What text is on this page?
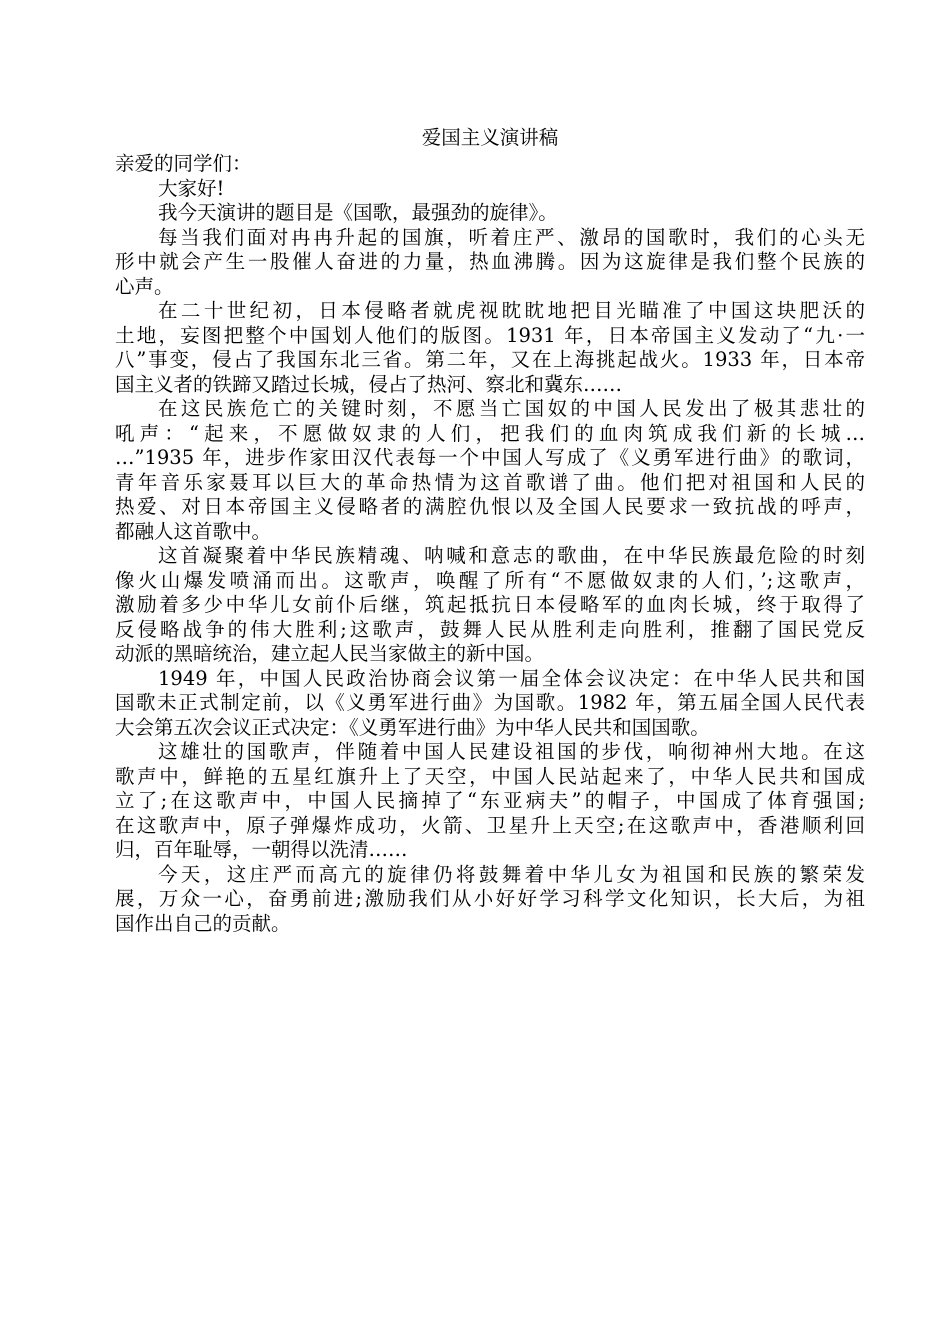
爱国主义演讲稿
亲爱的同学们：
大家好!
我今天演讲的题目是《国歌，最强劲的旋律》。
每当我们面对冉冉升起的国旗，听着庄严、激昂的国歌时，我们的心头无
形中就会产生一股催人奋进的力量，热血沸腾。因为这旋律是我们整个民族的
心声。
在二十世纪初，日本侵略者就虎视眈眈地把目光瞄准了中国这块肥沃的
土地，妄图把整个中国划人他们的版图。1931 年，日本帝国主义发动了“九·一
八”事变，侵占了我国东北三省。第二年，又在上海挑起战火。1933 年，日本帝
国主义者的铁蹄又踏过长城，侵占了热河、察北和冀东……
在这民族危亡的关键时刻，不愿当亡国奴的中国人民发出了极其悲壮的
吼声：“起来，不愿做奴隶的人们，把我们的血肉筑成我们新的长城…
…”1935 年，进步作家田汉代表每一个中国人写成了《义勇军进行曲》的歌词，
青年音乐家聂耳以巨大的革命热情为这首歌谱了曲。他们把对祖国和人民的
热爱、对日本帝国主义侵略者的满腔仇恨以及全国人民要求一致抗战的呼声，
都融人这首歌中。
这首凝聚着中华民族精魂、呐喊和意志的歌曲，在中华民族最危险的时刻
像火山爆发喷涌而出。这歌声，唤醒了所有“不愿做奴隶的人们，’;这歌声，
激励着多少中华儿女前仆后继，筑起抵抗日本侵略军的血肉长城，终于取得了
反侵略战争的伟大胜利;这歌声，鼓舞人民从胜利走向胜利，推翻了国民党反
动派的黑暗统治，建立起人民当家做主的新中国。
1949 年，中国人民政治协商会议第一届全体会议决定：在中华人民共和国
国歌未正式制定前，以《义勇军进行曲》为国歌。1982 年，第五届全国人民代表
大会第五次会议正式决定：《义勇军进行曲》为中华人民共和国国歌。
这雄壮的国歌声，伴随着中国人民建设祖国的步伐，响彻神州大地。在这
歌声中，鲜艳的五星红旗升上了天空，中国人民站起来了，中华人民共和国成
立了;在这歌声中，中国人民摘掉了“东亚病夫”的帽子，中国成了体育强国;
在这歌声中，原子弹爆炸成功，火箭、卫星升上天空;在这歌声中，香港顺利回
归，百年耻辱，一朝得以洗清……
今天，这庄严而高亢的旋律仍将鼓舞着中华儿女为祖国和民族的繁荣发
展，万众一心，奋勇前进;激励我们从小好好学习科学文化知识，长大后，为祖
国作出自己的贡献。
